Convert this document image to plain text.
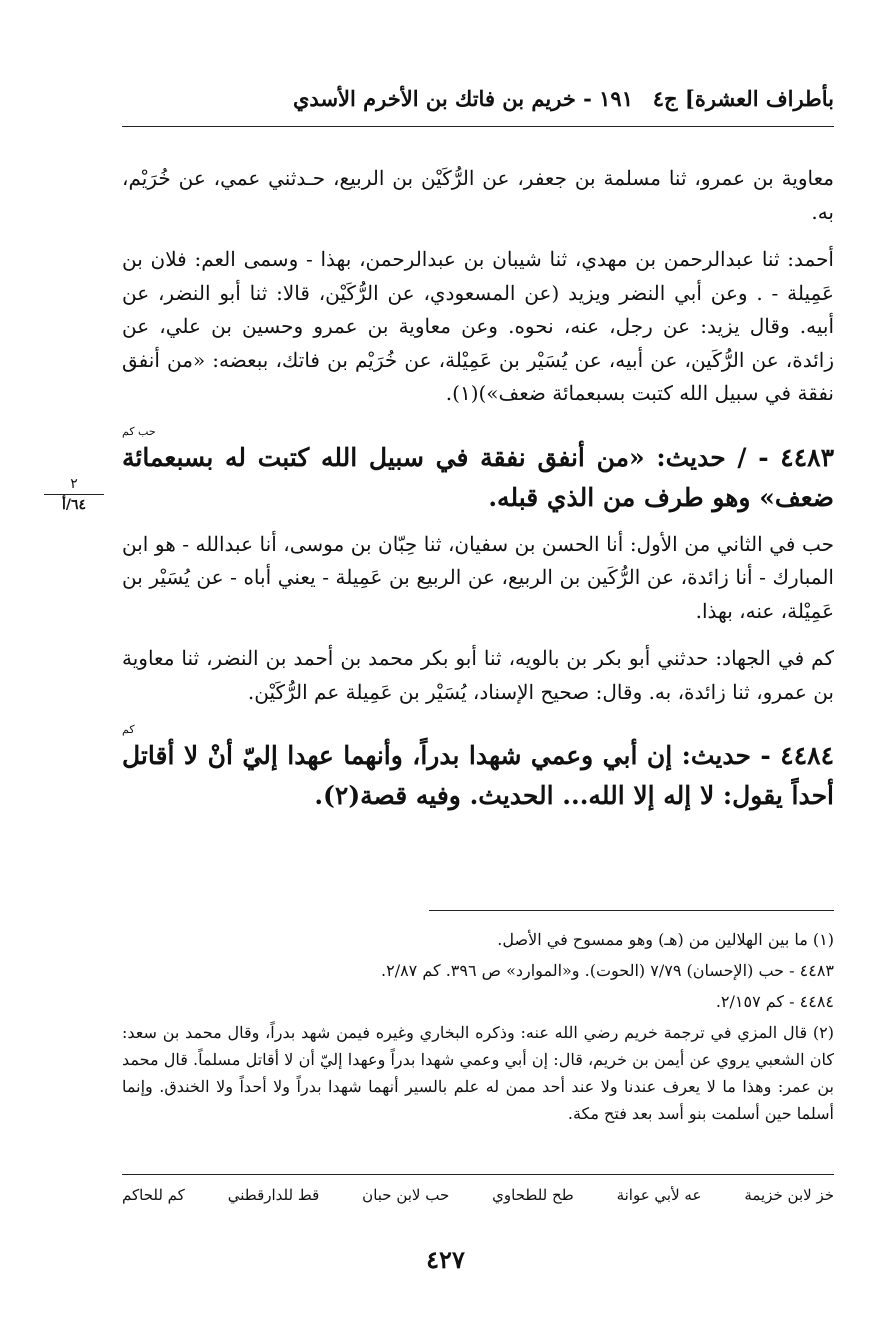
بأطراف العشرة] ج٤
١٩١ - خريم بن فاتك بن الأخرم الأسدي
٢
٦٤/أ

معاوية بن عمرو، ثنا مسلمة بن جعفر، عن الرُّكَيْن بن الربيع، حـدثني عمي، عن خُرَيْم، به.

أحمد: ثنا عبدالرحمن بن مهدي، ثنا شيبان بن عبدالرحمن، بهذا - وسمى العم: فلان بن عَمِيلة - . وعن أبي النضر ويزيد (عن المسعودي، عن الرُّكَيْن، قالا: ثنا أبو النضر، عن أبيه. وقال يزيد: عن رجل، عنه، نحوه. وعن معاوية بن عمرو وحسين بن علي، عن زائدة، عن الرُّكَين، عن أبيه، عن يُسَيْر بن عَمِيْلة، عن خُرَيْم بن فاتك، ببعضه: «من أنفق نفقة في سبيل الله كتبت بسبعمائة ضعف»)(١).

حب كم

٤٤٨٣ - / حديث: «من أنفق نفقة في سبيل الله كتبت له بسبعمائة ضعف» وهو طرف من الذي قبله.

حب في الثاني من الأول: أنا الحسن بن سفيان، ثنا حِبّان بن موسى، أنا عبدالله - هو ابن المبارك - أنا زائدة، عن الرُّكَين بن الربيع، عن الربيع بن عَمِيلة - يعني أباه - عن يُسَيْر بن عَمِيْلة، عنه، بهذا.

كم في الجهاد: حدثني أبو بكر بن بالويه، ثنا أبو بكر محمد بن أحمد بن النضر، ثنا معاوية بن عمرو، ثنا زائدة، به. وقال: صحيح الإسناد، يُسَيْر بن عَمِيلة عم الرُّكَيْن.

كم

٤٤٨٤ - حديث: إن أبي وعمي شهدا بدراً، وأنهما عهدا إليّ أنْ لا أقاتل أحداً يقول: لا إله إلا الله... الحديث. وفيه قصة(٢).

(١) ما بين الهلالين من (هـ) وهو ممسوح في الأصل.

٤٤٨٣ - حب (الإحسان) ٧/٧٩ (الحوت). و«الموارد» ص ٣٩٦. كم ٢/٨٧.

٤٤٨٤ - كم ٢/١٥٧.

(٢) قال المزي في ترجمة خريم رضي الله عنه: وذكره البخاري وغيره فيمن شهد بدراً، وقال محمد بن سعد: كان الشعبي يروي عن أيمن بن خريم، قال: إن أبي وعمي شهدا بدراً وعهدا إليّ أن لا أقاتل مسلماً. قال محمد بن عمر: وهذا ما لا يعرف عندنا ولا عند أحد ممن له علم بالسير أنهما شهدا بدراً ولا أحداً ولا الخندق. وإنما أسلما حين أسلمت بنو أسد بعد فتح مكة.

خز لابن خزيمة
عه لأبي عوانة
طح للطحاوي
حب لابن حبان
قط للدارقطني
كم للحاكم
٤٢٧
